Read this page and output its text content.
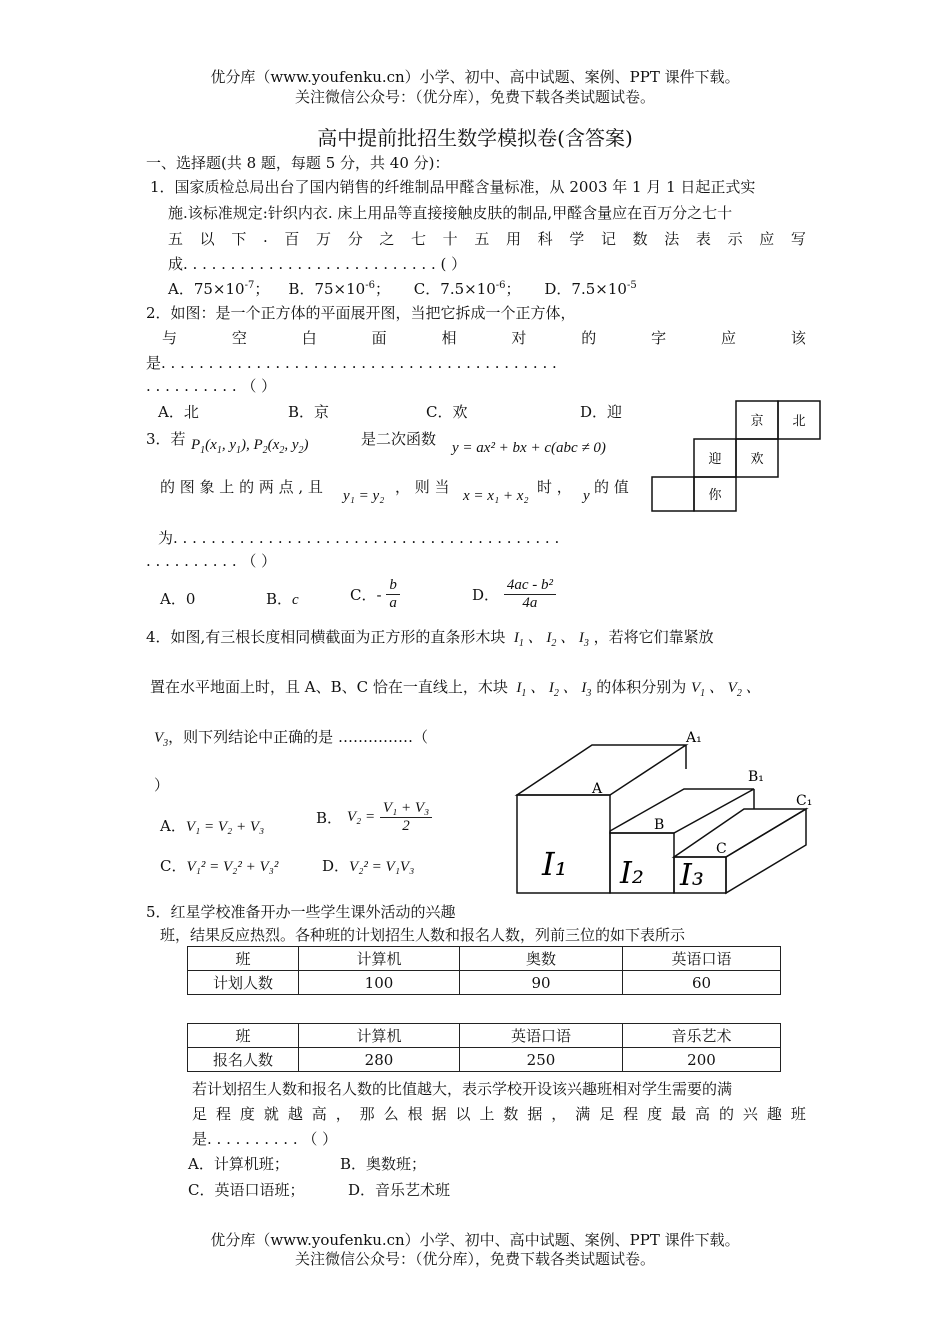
优分库（www.youfenku.cn）小学、初中、高中试题、案例、PPT 课件下载。
关注微信公众号：（优分库），免费下载各类试题试卷。
高中提前批招生数学模拟卷(含答案)
一、选择题(共 8 题，每题 5 分，共 40 分)：
1．国家质检总局出台了国内销售的纤维制品甲醛含量标准，从 2003 年 1 月 1 日起正式实
施.该标准规定:针织内衣. 床上用品等直接接触皮肤的制品,甲醛含量应在百万分之七十
五 以 下 . 百 万 分 之 七 十 五 用 科 学 记 数 法 表 示 应 写
成. . . . . . . . . . . . . . . . . . . . . . . . . . . ( ）
A．$75\times 10^{-7}$； B．$75\times 10^{-6}$； C．$7.5\times 10^{-6}$； D．$7.5\times 10^{-5}$
2．如图：是一个正方体的平面展开图，当把它拆成一个正方体，
与	空	白	面	相	对	的	字	应	该
是. . . . . . . . . . . . . . . . . . . . . . . . . . . . . . . . . . . . . . . . . .
. . . . . . . . . . （ ）
A．北	B．京	C．欢	D．迎
京 北
迎 欢
你
3．若 $P_1(x_1$, $y_1$), $P_2(x_2$, $y_2$)	是二次函数 y = ax² + bx + c(abc ≠ 0)
的 图 象 上 的 两 点 , 且 y₁ = y₂ ， 则 当 x = x₁ + x₂ 时 ， y 的 值
为. . . . . . . . . . . . . . . . . . . . . . . . . . . . . . . . . . . . . . . . .
. . . . . . . . . . （ ）
A．0	B．c	C．- $\frac{b}{a}$	D． $\frac{\text{4ac - b²}}{4a}$
4．如图,有三根长度相同横截面为正方形的直条形木块  $I_1$ 、 $I_2$ 、 $I_3$ ，若将它们靠紧放
置在水平地面上时，且 A、B、C 恰在一直线上，木块  $I_1$ 、 $I_2$ 、 $I_3$ 的体积分别为 $V_1$ 、 $V_2$ 、
$V_3$，则下列结论中正确的是 ……………（
）
A．V₁ = V₂ + V₃	B． $V_2 = \frac{\text{V₁ + V₃}}{2}$
C．V₁² = V₂² + V₃²	D．V₂² = V₁V₃
A₁
B₁
C₁
A
B
C
I₁ I₂ I₃
5．红星学校准备开办一些学生课外活动的兴趣
班，结果反应热烈。各种班的计划招生人数和报名人数，列前三位的如下表所示
班	计算机	奥数	英语口语
计划人数	100	90	60
班	计算机	英语口语	音乐艺术
报名人数	280	250	200
若计划招生人数和报名人数的比值越大，表示学校开设该兴趣班相对学生需要的满
足 程 度 就 越 高 ， 那 么 根 据 以 上 数 据 ， 满 足 程 度 最 高 的 兴 趣 班
是. . . . . . . . . . （ ）
A．计算机班；	B．奥数班；
C．英语口语班；	D．音乐艺术班
优分库（www.youfenku.cn）小学、初中、高中试题、案例、PPT 课件下载。
关注微信公众号：（优分库），免费下载各类试题试卷。
